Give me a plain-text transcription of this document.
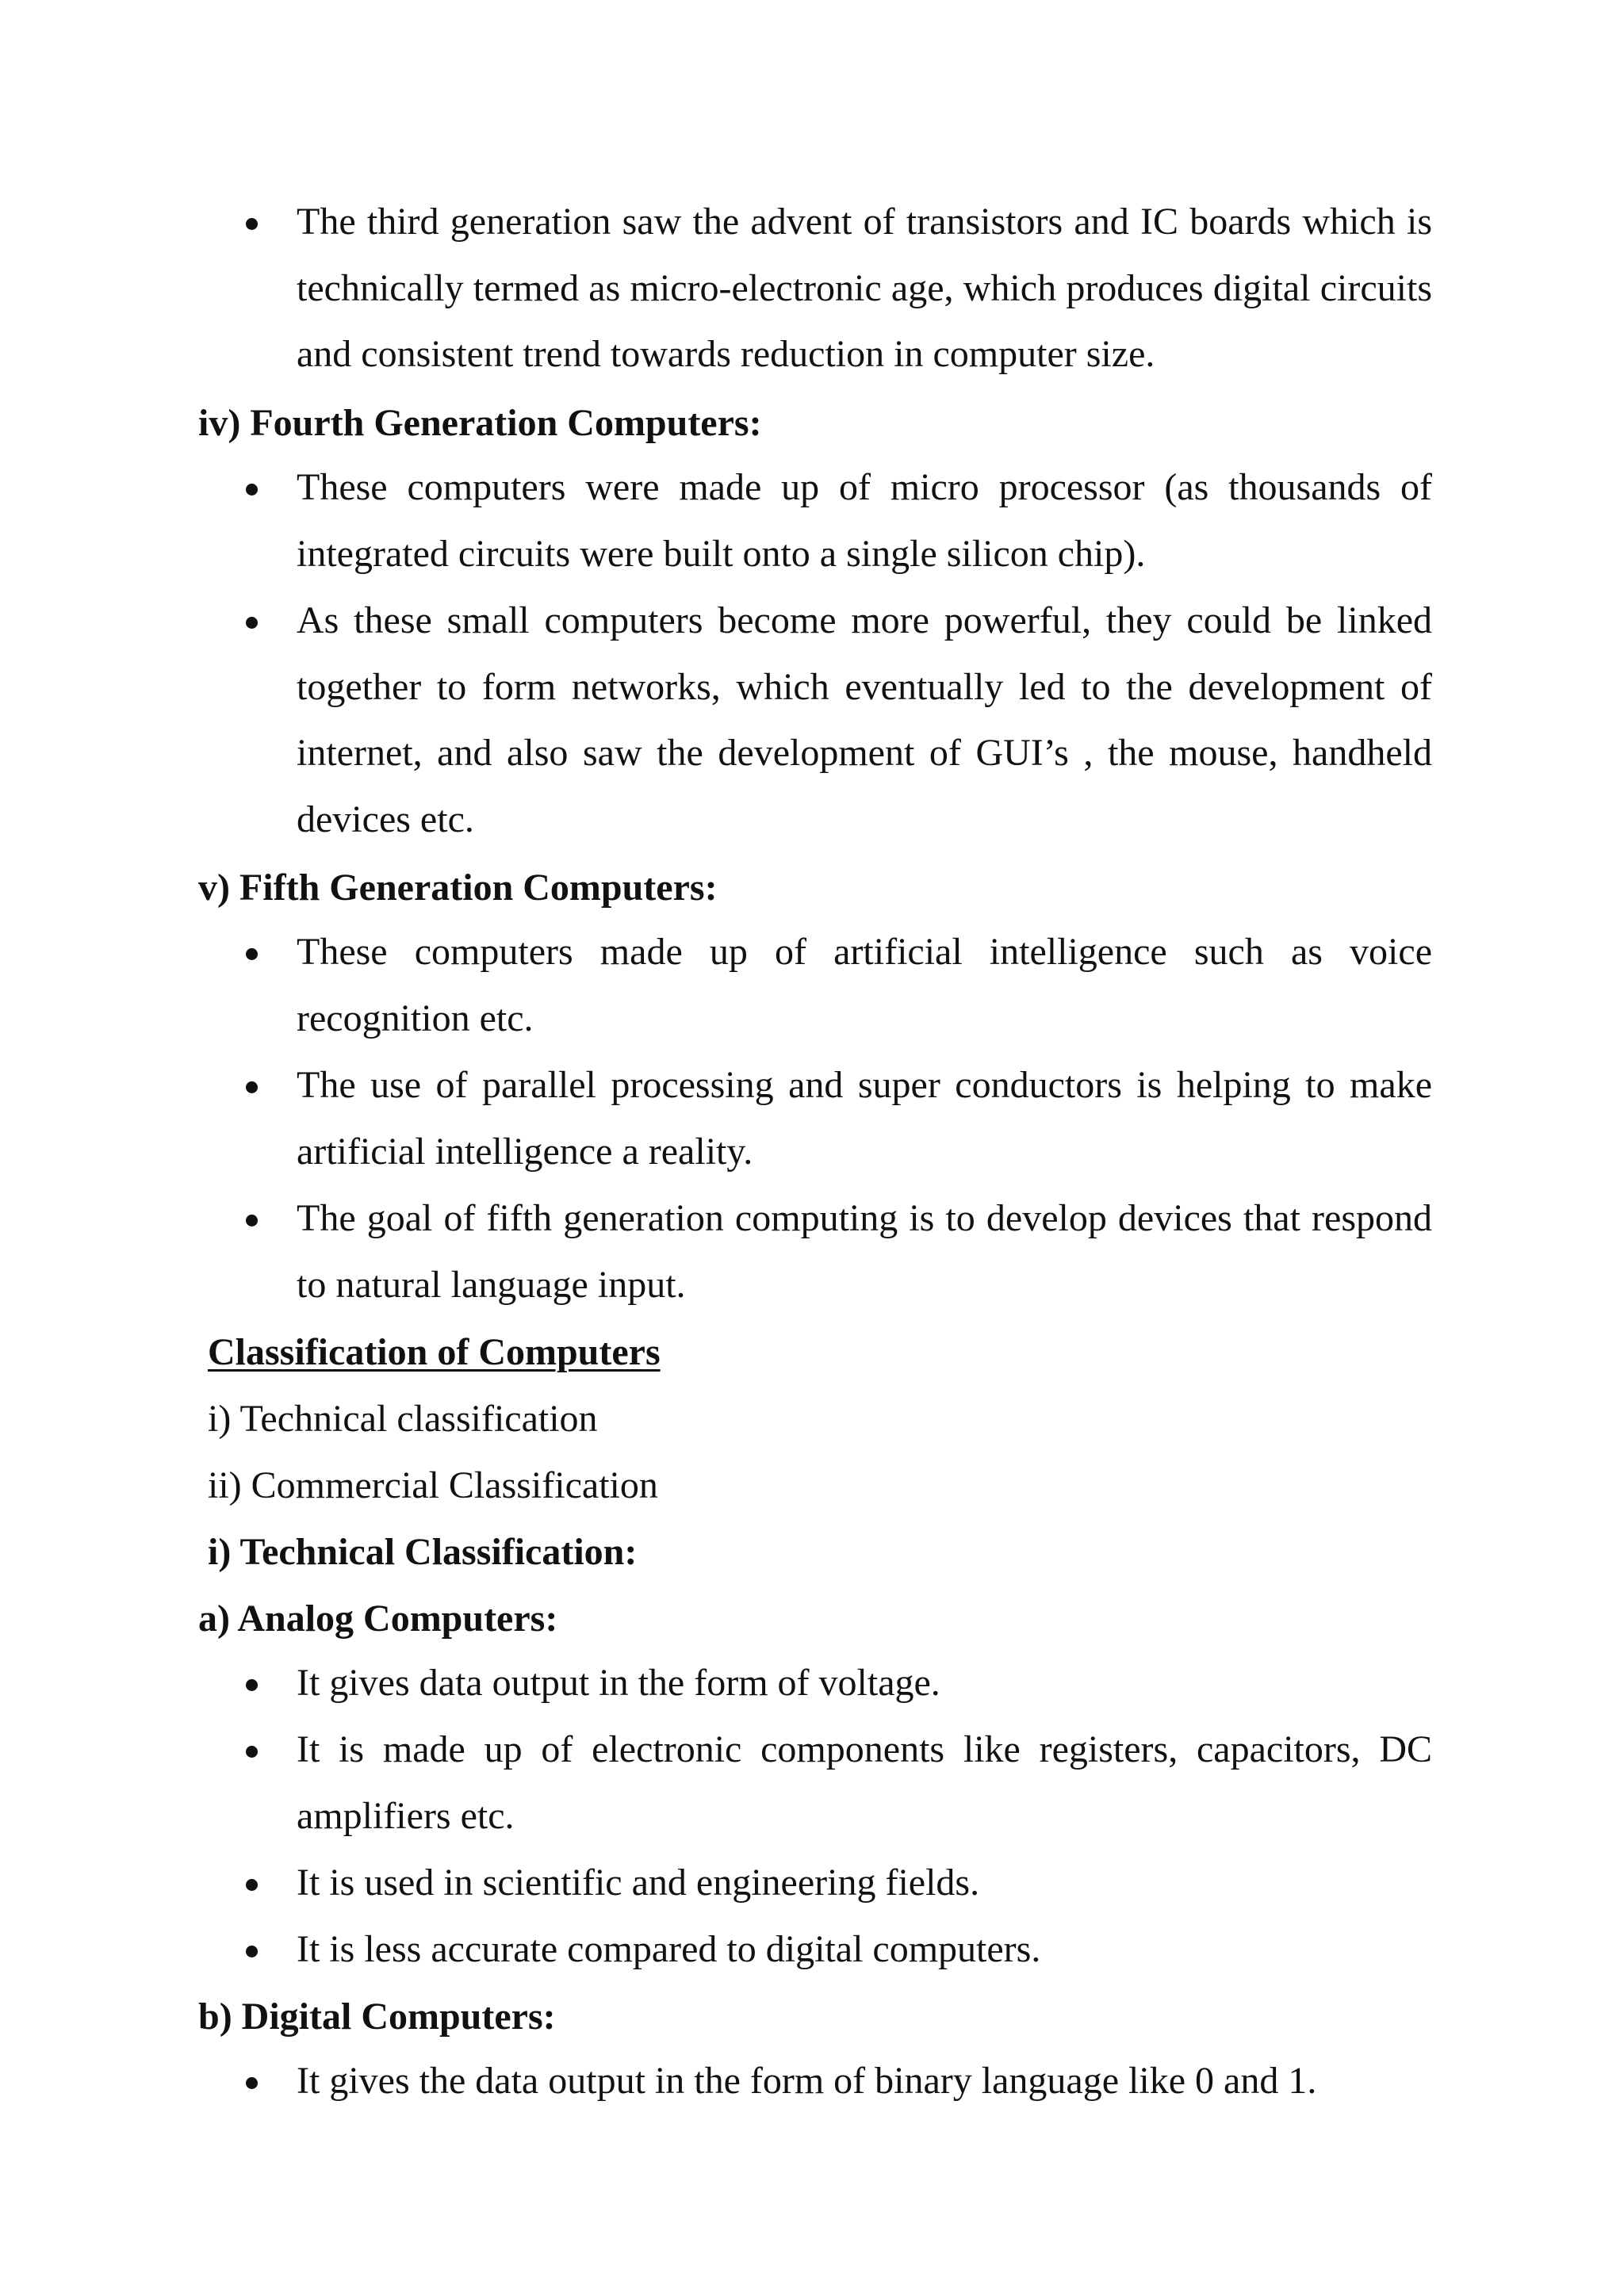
The third generation saw the advent of transistors and IC boards which is technically termed as micro-electronic age, which produces digital circuits and consistent trend towards reduction in computer size.
iv) Fourth Generation Computers:
These computers were made up of micro processor (as thousands of integrated circuits were built onto a single silicon chip).
As these small computers become more powerful, they could be linked together to form networks, which eventually led to the development of internet, and also saw the development of GUI’s , the mouse, handheld devices etc.
v) Fifth Generation Computers:
These computers made up of artificial intelligence such as voice recognition etc.
The use of parallel processing and super conductors is helping to make artificial intelligence a reality.
The goal of fifth generation computing is to develop devices that respond to natural language input.
Classification of Computers
i) Technical classification
ii) Commercial Classification
i) Technical Classification:
a) Analog Computers:
It gives data output in the form of voltage.
It is made up of electronic components like registers, capacitors, DC amplifiers etc.
It is used in scientific and engineering fields.
It is less accurate compared to digital computers.
b) Digital Computers:
It gives the data output in the form of binary language like 0 and 1.
